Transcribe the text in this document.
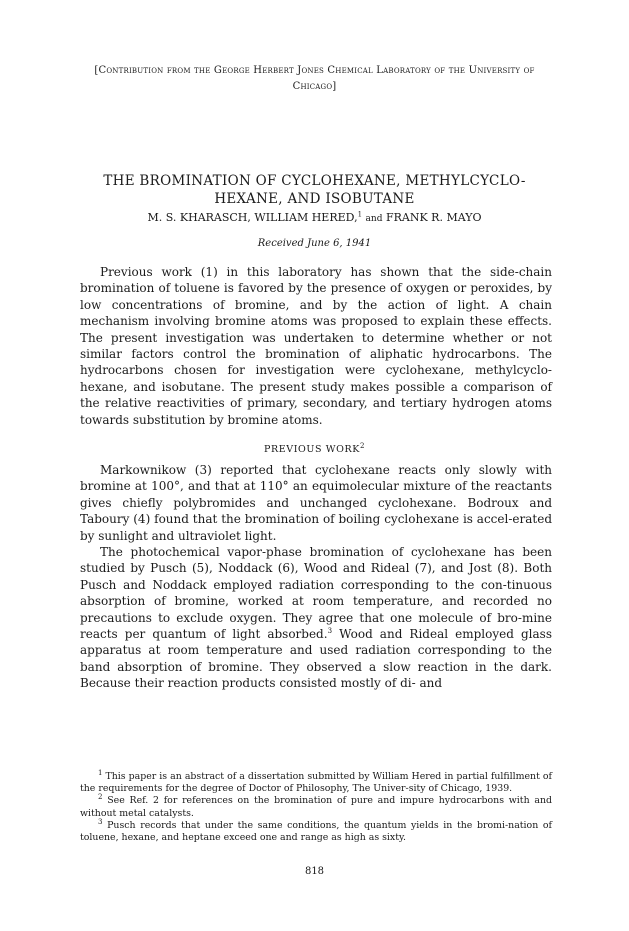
[Contribution from the George Herbert Jones Chemical Laboratory of the University of Chicago]
THE BROMINATION OF CYCLOHEXANE, METHYLCYCLO-HEXANE, AND ISOBUTANE
M. S. KHARASCH, WILLIAM HERED,$^1$ and FRANK R. MAYO
Received June 6, 1941

Previous work (1) in this laboratory has shown that the side-chain bromination of toluene is favored by the presence of oxygen or peroxides, by low concentrations of bromine, and by the action of light. A chain mechanism involving bromine atoms was proposed to explain these effects. The present investigation was undertaken to determine whether or not similar factors control the bromination of aliphatic hydrocarbons. The hydrocarbons chosen for investigation were cyclohexane, methylcyclo-hexane, and isobutane. The present study makes possible a comparison of the relative reactivities of primary, secondary, and tertiary hydrogen atoms towards substitution by bromine atoms.

PREVIOUS WORK$^2$

Markownikow (3) reported that cyclohexane reacts only slowly with bromine at 100°, and that at 110° an equimolecular mixture of the reactants gives chiefly polybromides and unchanged cyclohexane. Bodroux and Taboury (4) found that the bromination of boiling cyclohexane is accel-erated by sunlight and ultraviolet light.

The photochemical vapor-phase bromination of cyclohexane has been studied by Pusch (5), Noddack (6), Wood and Rideal (7), and Jost (8). Both Pusch and Noddack employed radiation corresponding to the con-tinuous absorption of bromine, worked at room temperature, and recorded no precautions to exclude oxygen. They agree that one molecule of bro-mine reacts per quantum of light absorbed.$^3$ Wood and Rideal employed glass apparatus at room temperature and used radiation corresponding to the band absorption of bromine. They observed a slow reaction in the dark. Because their reaction products consisted mostly of di- and

$^1$ This paper is an abstract of a dissertation submitted by William Hered in partial fulfillment of the requirements for the degree of Doctor of Philosophy, The Univer-sity of Chicago, 1939.

$^2$ See Ref. 2 for references on the bromination of pure and impure hydrocarbons with and without metal catalysts.

$^3$ Pusch records that under the same conditions, the quantum yields in the bromi-nation of toluene, hexane, and heptane exceed one and range as high as sixty.

818
